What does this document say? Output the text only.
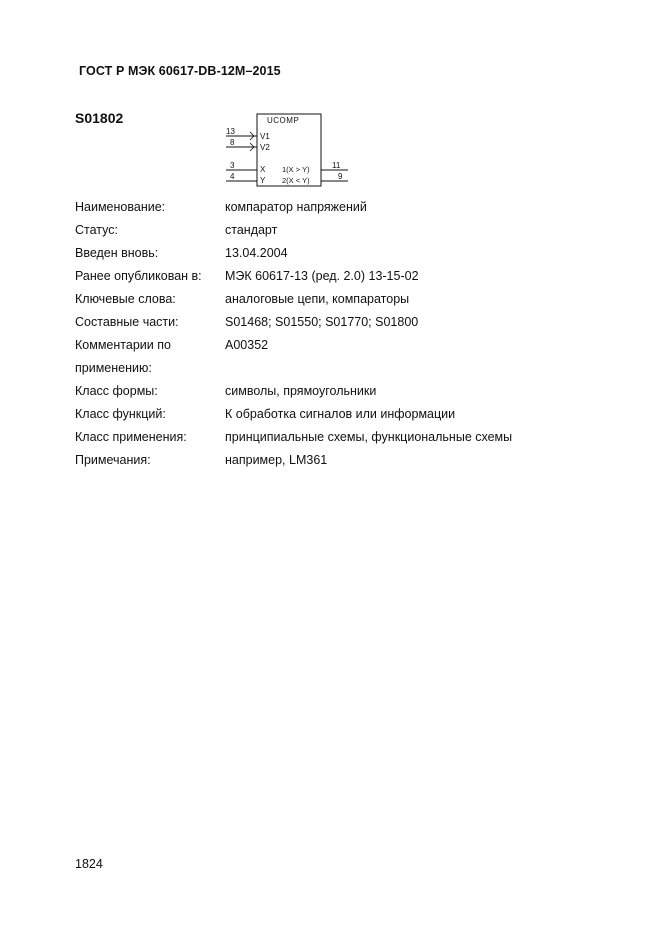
ГОСТ Р МЭК 60617-DB-12M–2015
S01802	UCOMP
13
V1
8
V2
3	X
4	Y
11
1(X > Y)
9
2(X < Y)
Наименование:	компаратор напряжений
Статус:	стандарт
Введен вновь:	13.04.2004
Ранее опубликован в:	МЭК 60617-13 (ред. 2.0) 13-15-02
Ключевые слова:	аналоговые цепи, компараторы
Составные части:	S01468; S01550; S01770; S01800
Комментарии по применению:
A00352
Класс формы:	символы, прямоугольники
Класс функций:	К обработка сигналов или информации
Класс применения:	принципиальные схемы, функциональные схемы
Примечания:	например, LM361
1824
